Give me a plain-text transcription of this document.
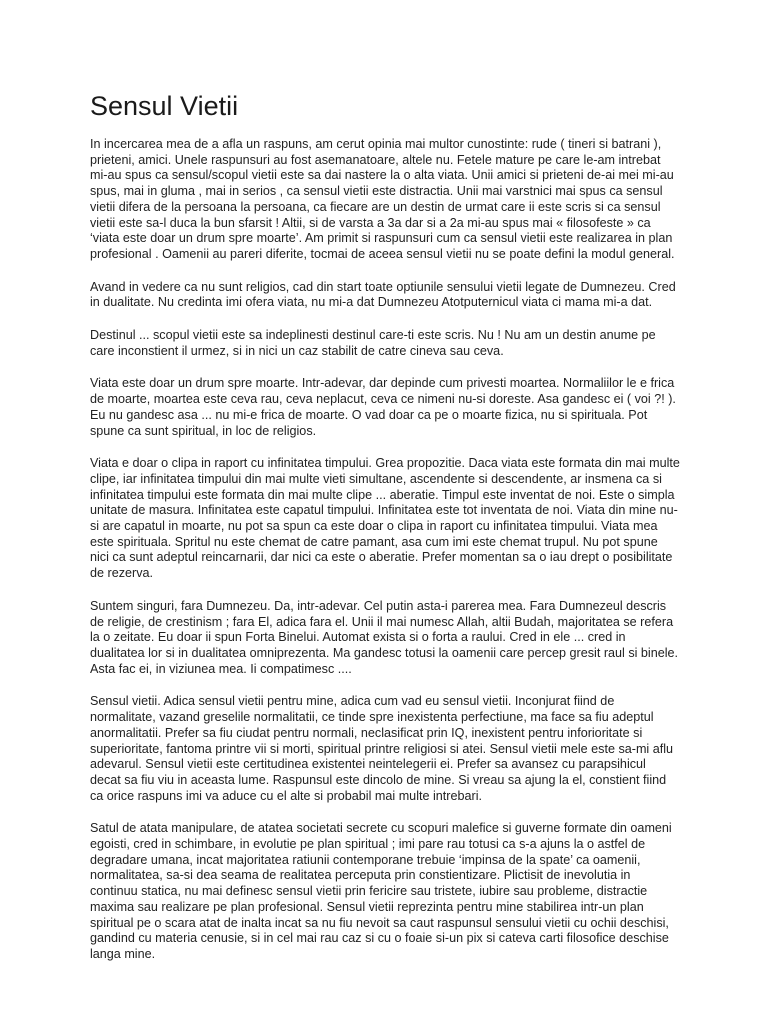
Sensul Vietii

In incercarea mea de a afla un raspuns, am cerut opinia mai multor cunostinte: rude ( tineri si batrani ), prieteni, amici. Unele raspunsuri au fost asemanatoare, altele nu. Fetele mature pe care le-am intrebat mi-au spus ca sensul/scopul vietii este sa dai nastere la o alta viata. Unii amici si prieteni de-ai mei mi-au spus, mai in gluma , mai in serios , ca sensul vietii este distractia. Unii mai varstnici mai spus ca sensul vietii difera de la persoana la persoana, ca fiecare are un destin de urmat care ii este scris si ca sensul vietii este sa-l duca la bun sfarsit ! Altii, si de varsta a 3a dar si a 2a mi-au spus mai « filosofeste » ca ‘viata este doar un drum spre moarte’. Am primit si raspunsuri cum ca sensul vietii este realizarea in plan profesional . Oamenii au pareri diferite, tocmai de aceea sensul vietii nu se poate defini la modul general.

Avand in vedere ca nu sunt religios, cad din start toate optiunile sensului vietii legate de Dumnezeu. Cred in dualitate. Nu credinta imi ofera viata, nu mi-a dat Dumnezeu Atotputernicul viata ci mama mi-a dat.

Destinul ... scopul vietii este sa indeplinesti destinul care-ti este scris. Nu ! Nu am un destin anume pe care inconstient il urmez, si in nici un caz stabilit de catre cineva sau ceva.

Viata este doar un drum spre moarte. Intr-adevar, dar depinde cum privesti moartea. Normaliilor le e frica de moarte, moartea este ceva rau, ceva neplacut, ceva ce nimeni nu-si doreste. Asa gandesc ei ( voi ?! ). Eu nu gandesc asa ... nu mi-e frica de moarte. O vad doar ca pe o moarte fizica, nu si spirituala. Pot spune ca sunt spiritual, in loc de religios.

Viata e doar o clipa in raport cu infinitatea timpului. Grea propozitie. Daca viata este formata din mai multe clipe, iar infinitatea timpului din mai multe vieti simultane, ascendente si descendente, ar insmena ca si infinitatea timpului este formata din mai multe clipe ... aberatie. Timpul este inventat de noi. Este o simpla unitate de masura. Infinitatea este capatul timpului. Infinitatea este tot inventata de noi. Viata din mine nu-si are capatul in moarte, nu pot sa spun ca este doar o clipa in raport cu infinitatea timpului. Viata mea este spirituala. Spritul nu este chemat de catre pamant, asa cum imi este chemat trupul. Nu pot spune nici ca sunt adeptul reincarnarii, dar nici ca este o aberatie. Prefer momentan sa o iau drept o posibilitate de rezerva.

Suntem singuri, fara Dumnezeu. Da, intr-adevar. Cel putin asta-i parerea mea. Fara Dumnezeul descris de religie, de crestinism ; fara El, adica fara el. Unii il mai numesc Allah, altii Budah, majoritatea se refera la o zeitate. Eu doar ii spun Forta Binelui. Automat exista si o forta a raului. Cred in ele ... cred in dualitatea lor si in dualitatea omniprezenta. Ma gandesc totusi la oamenii care percep gresit raul si binele. Asta fac ei, in viziunea mea. Ii compatimesc ....

Sensul vietii. Adica sensul vietii pentru mine, adica cum vad eu sensul vietii. Inconjurat fiind de normalitate, vazand greselile normalitatii, ce tinde spre inexistenta perfectiune, ma face sa fiu adeptul anormalitatii. Prefer sa fiu ciudat pentru normali, neclasificat prin IQ, inexistent pentru inforioritate si superioritate, fantoma printre vii si morti, spiritual printre religiosi si atei. Sensul vietii mele este sa-mi aflu adevarul. Sensul vietii este certitudinea existentei neintelegerii ei. Prefer sa avansez cu parapsihicul decat sa fiu viu in aceasta lume. Raspunsul este dincolo de mine. Si vreau sa ajung la el, constient fiind ca orice raspuns imi va aduce cu el alte si probabil mai multe intrebari.

Satul de atata manipulare, de atatea societati secrete cu scopuri malefice si guverne formate din oameni egoisti, cred in schimbare, in evolutie pe plan spiritual ; imi pare rau totusi ca s-a ajuns la o astfel de degradare umana, incat majoritatea ratiunii contemporane trebuie ‘impinsa de la spate’ ca oamenii, normalitatea, sa-si dea seama de realitatea perceputa prin constientizare. Plictisit de inevolutia in continuu statica, nu mai definesc sensul vietii prin fericire sau tristete, iubire sau probleme, distractie maxima sau realizare pe plan profesional. Sensul vietii reprezinta pentru mine stabilirea intr-un plan spiritual pe o scara atat de inalta incat sa nu fiu nevoit sa caut raspunsul sensului vietii cu ochii deschisi, gandind cu materia cenusie, si in cel mai rau caz si cu o foaie si-un pix si cateva carti filosofice deschise langa mine.
